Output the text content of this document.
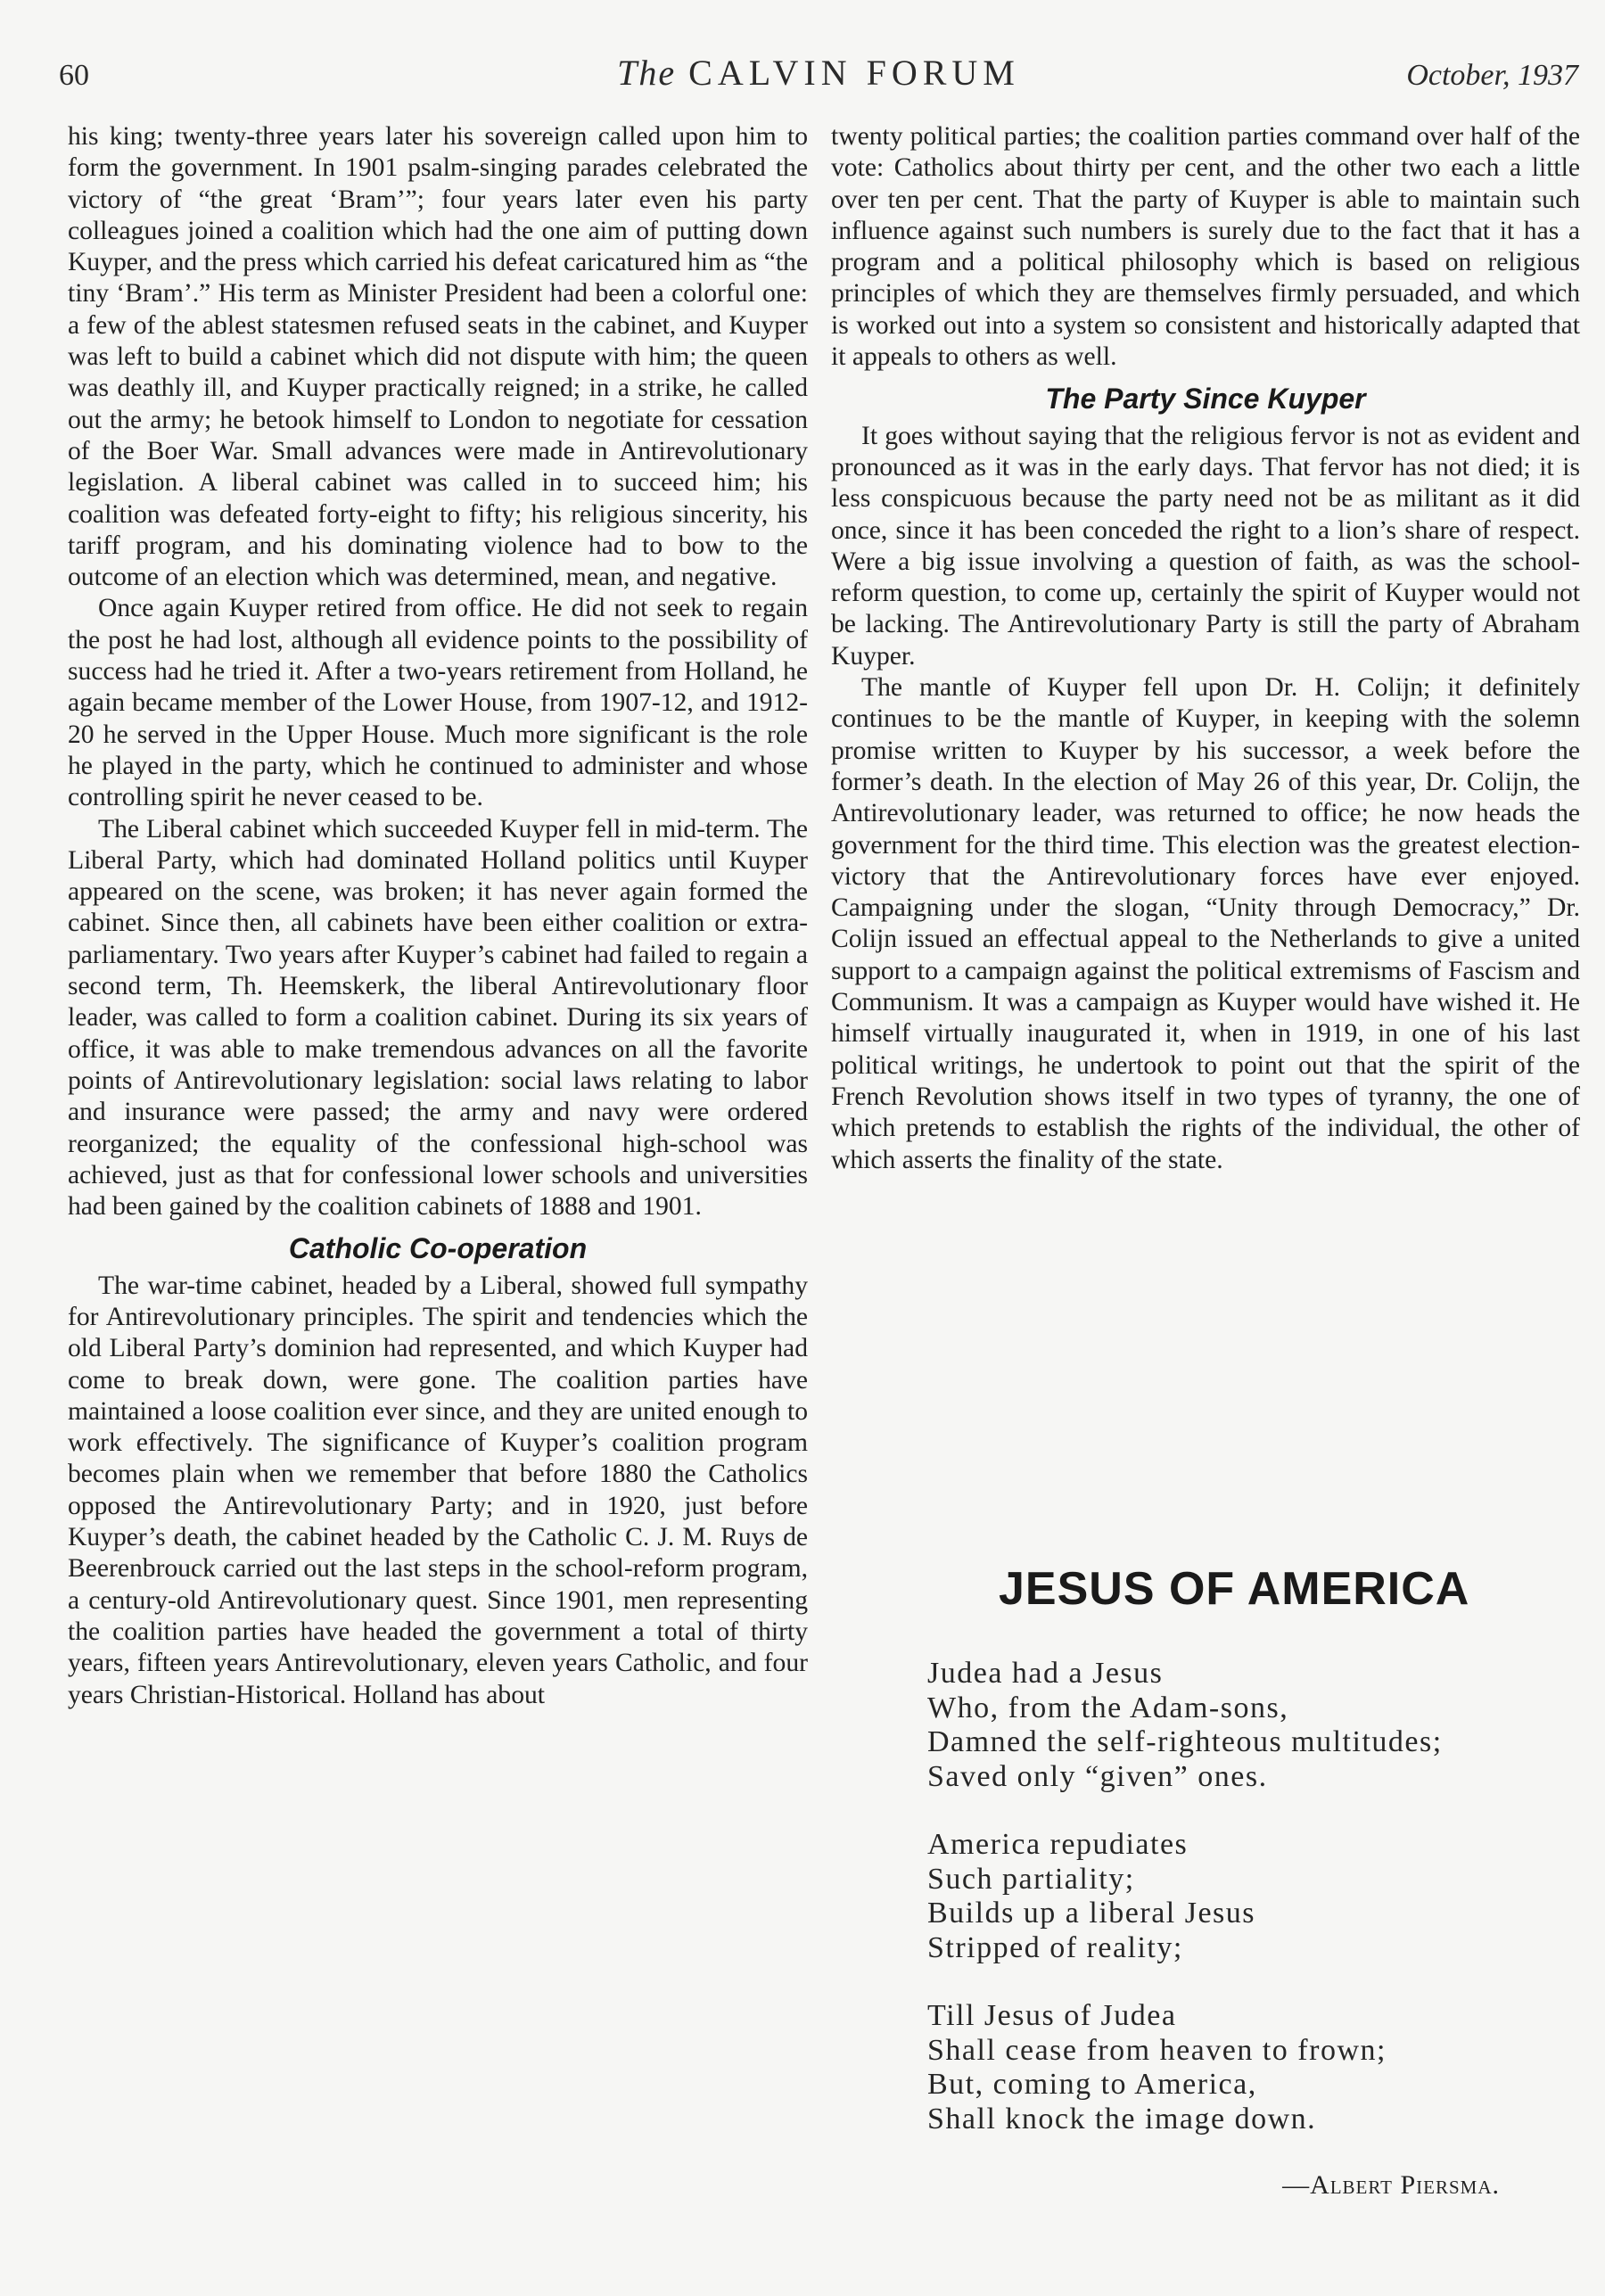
60	The CALVIN FORUM	October, 1937

his king; twenty-three years later his sovereign called upon him to form the government. In 1901 psalm-singing parades celebrated the victory of “the great ‘Bram’”; four years later even his party colleagues joined a coalition which had the one aim of putting down Kuyper, and the press which carried his defeat caricatured him as “the tiny ‘Bram’.” His term as Minister President had been a colorful one: a few of the ablest statesmen refused seats in the cabinet, and Kuyper was left to build a cabinet which did not dispute with him; the queen was deathly ill, and Kuyper practically reigned; in a strike, he called out the army; he betook himself to London to negotiate for cessation of the Boer War. Small advances were made in Antirevolutionary legislation. A liberal cabinet was called in to succeed him; his coalition was defeated forty-eight to fifty; his religious sincerity, his tariff program, and his dominating violence had to bow to the outcome of an election which was determined, mean, and negative.

Once again Kuyper retired from office. He did not seek to regain the post he had lost, although all evidence points to the possibility of success had he tried it. After a two-years retirement from Holland, he again became member of the Lower House, from 1907-12, and 1912-20 he served in the Upper House. Much more significant is the role he played in the party, which he continued to administer and whose controlling spirit he never ceased to be.

The Liberal cabinet which succeeded Kuyper fell in mid-term. The Liberal Party, which had dominated Holland politics until Kuyper appeared on the scene, was broken; it has never again formed the cabinet. Since then, all cabinets have been either coalition or extra-parliamentary. Two years after Kuyper’s cabinet had failed to regain a second term, Th. Heemskerk, the liberal Antirevolutionary floor leader, was called to form a coalition cabinet. During its six years of office, it was able to make tremendous advances on all the favorite points of Antirevolutionary legislation: social laws relating to labor and insurance were passed; the army and navy were ordered reorganized; the equality of the confessional high-school was achieved, just as that for confessional lower schools and universities had been gained by the coalition cabinets of 1888 and 1901.

Catholic Co-operation

The war-time cabinet, headed by a Liberal, showed full sympathy for Antirevolutionary principles. The spirit and tendencies which the old Liberal Party’s dominion had represented, and which Kuyper had come to break down, were gone. The coalition parties have maintained a loose coalition ever since, and they are united enough to work effectively. The significance of Kuyper’s coalition program becomes plain when we remember that before 1880 the Catholics opposed the Antirevolutionary Party; and in 1920, just before Kuyper’s death, the cabinet headed by the Catholic C. J. M. Ruys de Beerenbrouck carried out the last steps in the school-reform program, a century-old Antirevolutionary quest. Since 1901, men representing the coalition parties have headed the government a total of thirty years, fifteen years Antirevolutionary, eleven years Catholic, and four years Christian-Historical. Holland has about

twenty political parties; the coalition parties command over half of the vote: Catholics about thirty per cent, and the other two each a little over ten per cent. That the party of Kuyper is able to maintain such influence against such numbers is surely due to the fact that it has a program and a political philosophy which is based on religious principles of which they are themselves firmly persuaded, and which is worked out into a system so consistent and historically adapted that it appeals to others as well.

The Party Since Kuyper

It goes without saying that the religious fervor is not as evident and pronounced as it was in the early days. That fervor has not died; it is less conspicuous because the party need not be as militant as it did once, since it has been conceded the right to a lion’s share of respect. Were a big issue involving a question of faith, as was the school-reform question, to come up, certainly the spirit of Kuyper would not be lacking. The Antirevolutionary Party is still the party of Abraham Kuyper.

The mantle of Kuyper fell upon Dr. H. Colijn; it definitely continues to be the mantle of Kuyper, in keeping with the solemn promise written to Kuyper by his successor, a week before the former’s death. In the election of May 26 of this year, Dr. Colijn, the Antirevolutionary leader, was returned to office; he now heads the government for the third time. This election was the greatest election-victory that the Antirevolutionary forces have ever enjoyed. Campaigning under the slogan, “Unity through Democracy,” Dr. Colijn issued an effectual appeal to the Netherlands to give a united support to a campaign against the political extremisms of Fascism and Communism. It was a campaign as Kuyper would have wished it. He himself virtually inaugurated it, when in 1919, in one of his last political writings, he undertook to point out that the spirit of the French Revolution shows itself in two types of tyranny, the one of which pretends to establish the rights of the individual, the other of which asserts the finality of the state.

JESUS OF AMERICA
Judea had a Jesus
Who, from the Adam-sons,
Damned the self-righteous multitudes;
Saved only “given” ones.
America repudiates
Such partiality;
Builds up a liberal Jesus
Stripped of reality;
Till Jesus of Judea
Shall cease from heaven to frown;
But, coming to America,
Shall knock the image down.
—Albert Piersma.
